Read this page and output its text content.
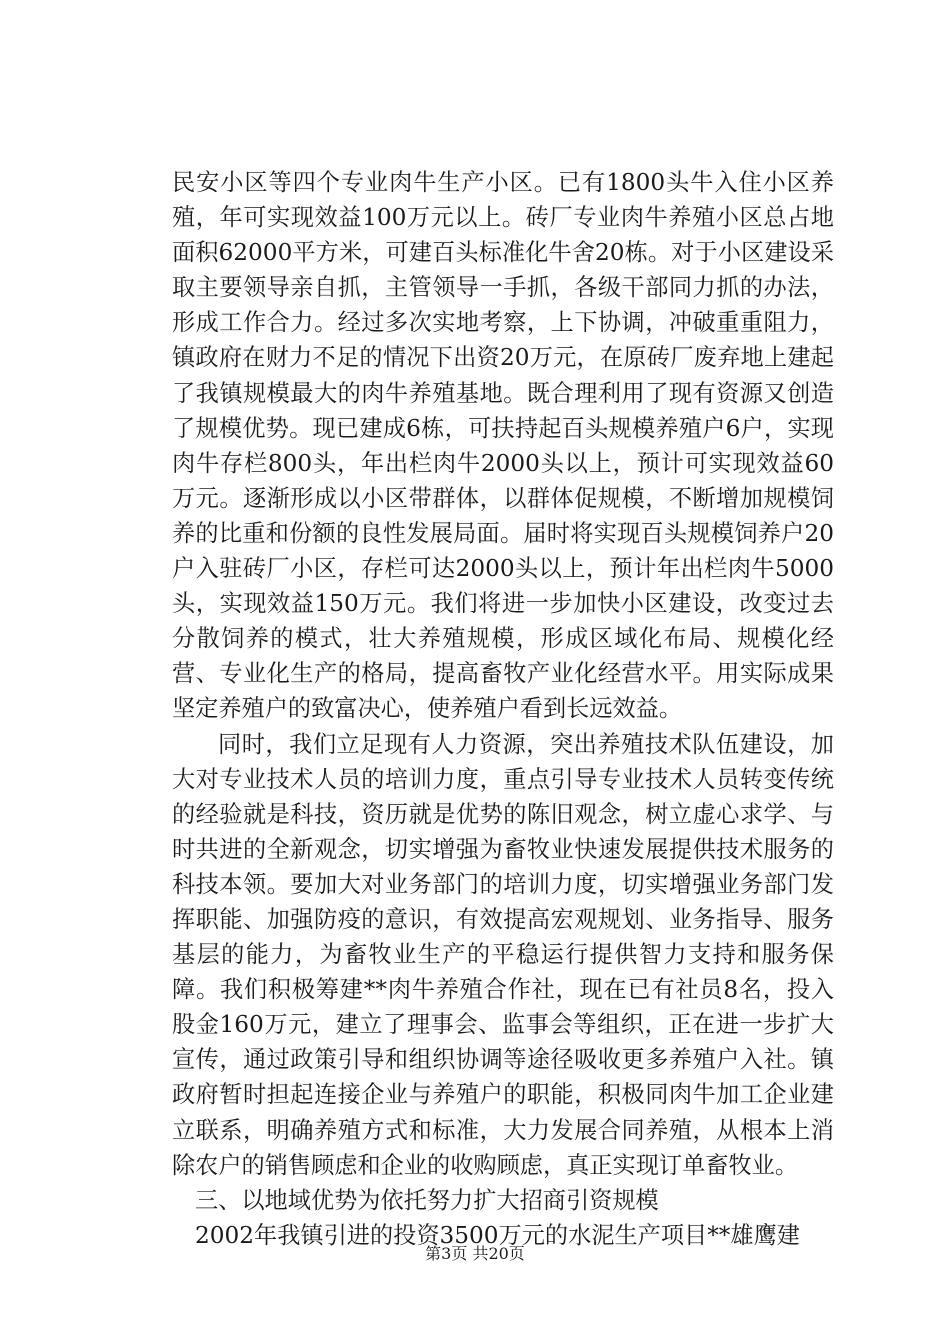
民安小区等四个专业肉牛生产小区。已有1800头牛入住小区养殖，年可实现效益100万元以上。砖厂专业肉牛养殖小区总占地面积62000平方米，可建百头标准化牛舍20栋。对于小区建设采取主要领导亲自抓，主管领导一手抓，各级干部同力抓的办法，形成工作合力。经过多次实地考察，上下协调，冲破重重阻力，镇政府在财力不足的情况下出资20万元，在原砖厂废弃地上建起了我镇规模最大的肉牛养殖基地。既合理利用了现有资源又创造了规模优势。现已建成6栋，可扶持起百头规模养殖户6户，实现肉牛存栏800头，年出栏肉牛2000头以上，预计可实现效益60万元。逐渐形成以小区带群体，以群体促规模，不断增加规模饲养的比重和份额的良性发展局面。届时将实现百头规模饲养户20户入驻砖厂小区，存栏可达2000头以上，预计年出栏肉牛5000头，实现效益150万元。我们将进一步加快小区建设，改变过去分散饲养的模式，壮大养殖规模，形成区域化布局、规模化经营、专业化生产的格局，提高畜牧产业化经营水平。用实际成果坚定养殖户的致富决心，使养殖户看到长远效益。

同时，我们立足现有人力资源，突出养殖技术队伍建设，加大对专业技术人员的培训力度，重点引导专业技术人员转变传统的经验就是科技，资历就是优势的陈旧观念，树立虚心求学、与时共进的全新观念，切实增强为畜牧业快速发展提供技术服务的科技本领。要加大对业务部门的培训力度，切实增强业务部门发挥职能、加强防疫的意识，有效提高宏观规划、业务指导、服务基层的能力，为畜牧业生产的平稳运行提供智力支持和服务保障。我们积极筹建**肉牛养殖合作社，现在已有社员8名，投入股金160万元，建立了理事会、监事会等组织，正在进一步扩大宣传，通过政策引导和组织协调等途径吸收更多养殖户入社。镇政府暂时担起连接企业与养殖户的职能，积极同肉牛加工企业建立联系，明确养殖方式和标准，大力发展合同养殖，从根本上消除农户的销售顾虑和企业的收购顾虑，真正实现订单畜牧业。

三、以地域优势为依托努力扩大招商引资规模

2002年我镇引进的投资3500万元的水泥生产项目**雄鹰建

第3页 共20页
